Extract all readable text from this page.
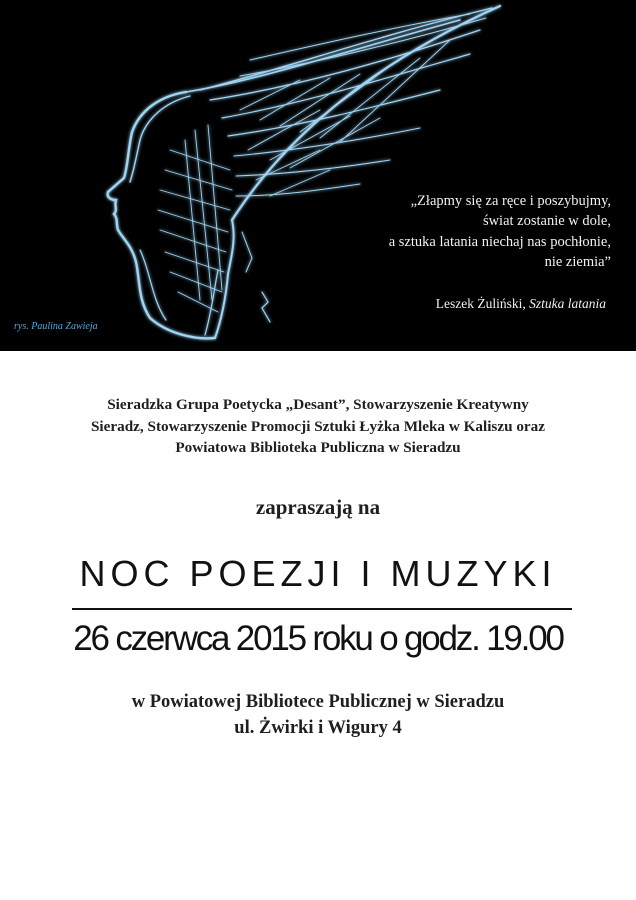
„Złapmy się za ręce i poszybujmy,
świat zostanie w dole,
a sztuka latania niechaj nas pochłonie,
nie ziemia”
Leszek Żuliński, Sztuka latania
rys. Paulina Zawieja
Sieradzka Grupa Poetycka „Desant”, Stowarzyszenie Kreatywny
Sieradz, Stowarzyszenie Promocji Sztuki Łyżka Mleka w Kaliszu oraz
Powiatowa Biblioteka Publiczna w Sieradzu
zapraszają na
NOC POEZJI I MUZYKI
26 czerwca 2015 roku o godz. 19.00
w Powiatowej Bibliotece Publicznej w Sieradzu
ul. Żwirki i Wigury 4
